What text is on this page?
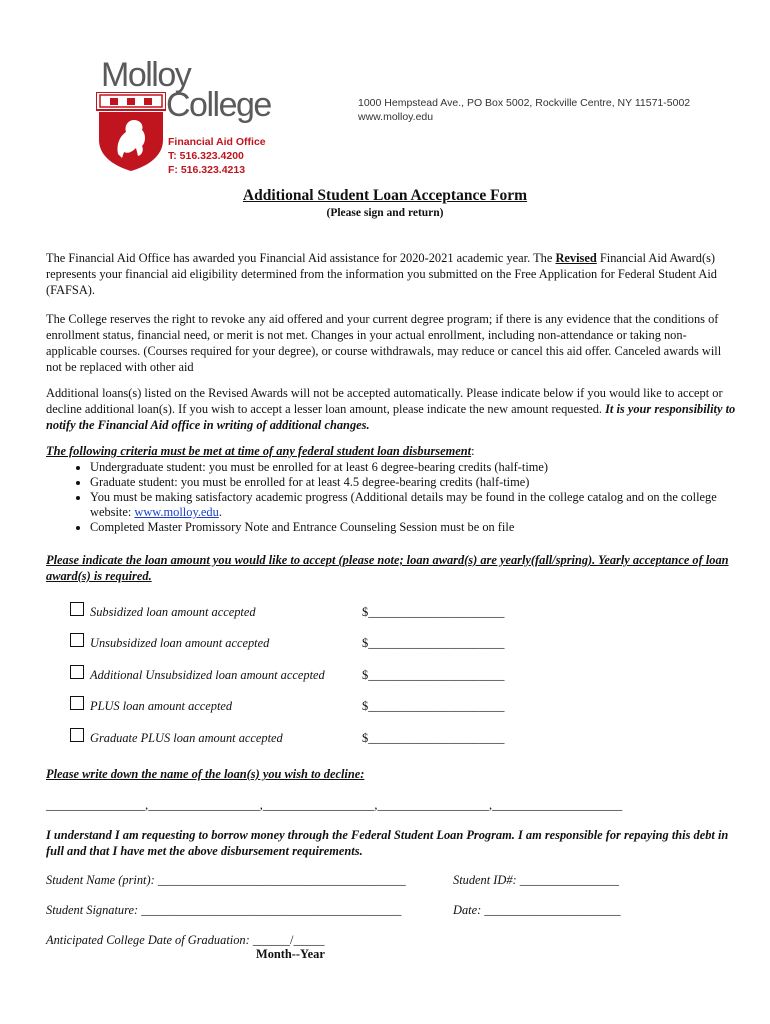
Molloy
College
Financial Aid Office
T: 516.323.4200
F: 516.323.4213
1000 Hempstead Ave., PO Box 5002, Rockville Centre, NY 11571-5002
www.molloy.edu
Additional Student Loan Acceptance Form
(Please sign and return)

The Financial Aid Office has awarded you Financial Aid assistance for 2020-2021 academic year. The Revised Financial Aid Award(s) represents your financial aid eligibility determined from the information you submitted on the Free Application for Federal Student Aid (FAFSA).

The College reserves the right to revoke any aid offered and your current degree program; if there is any evidence that the conditions of enrollment status, financial need, or merit is not met. Changes in your actual enrollment, including non-attendance or taking non-applicable courses. (Courses required for your degree), or course withdrawals, may reduce or cancel this aid offer. Canceled awards will not be replaced with other aid

Additional loans(s) listed on the Revised Awards will not be accepted automatically. Please indicate below if you would like to accept or decline additional loan(s). If you wish to accept a lesser loan amount, please indicate the new amount requested. It is your responsibility to notify the Financial Aid office in writing of additional changes.

The following criteria must be met at time of any federal student loan disbursement:
• Undergraduate student: you must be enrolled for at least 6 degree-bearing credits (half-time)
• Graduate student: you must be enrolled for at least 4.5 degree-bearing credits (half-time)
• You must be making satisfactory academic progress (Additional details may be found in the college catalog and on the college website: www.molloy.edu.
• Completed Master Promissory Note and Entrance Counseling Session must be on file
Please indicate the loan amount you would like to accept (please note; loan award(s) are yearly(fall/spring). Yearly acceptance of loan award(s) is required.
Subsidized loan amount accepted	$______________________
Unsubsidized loan amount accepted	$______________________
Additional Unsubsidized loan amount accepted	$______________________
PLUS loan amount accepted	$______________________
Graduate PLUS loan amount accepted	$______________________
Please write down the name of the loan(s) you wish to decline:
________________,__________________,__________________,__________________,_____________________
I understand I am requesting to borrow money through the Federal Student Loan Program. I am responsible for repaying this debt in full and that I have met the above disbursement requirements.
Student Name (print): ________________________________________	Student ID#: ________________
Student Signature: __________________________________________	Date: ______________________
Anticipated College Date of Graduation: ______/_____
Month--Year
